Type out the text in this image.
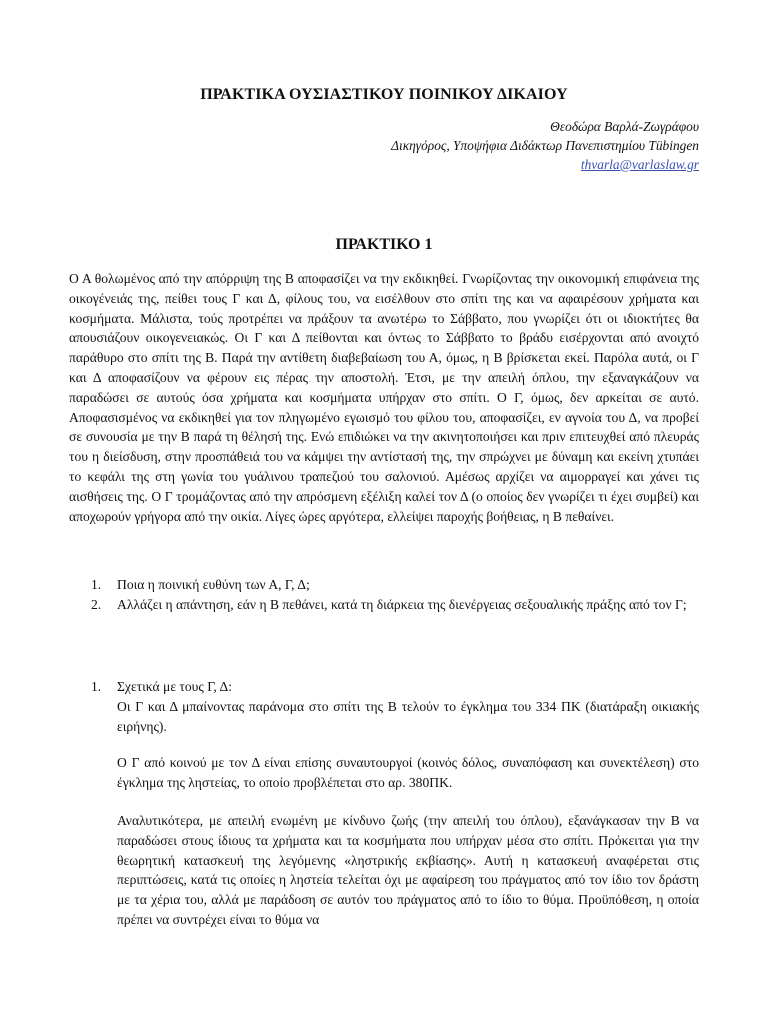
ΠΡΑΚΤΙΚΑ ΟΥΣΙΑΣΤΙΚΟΥ ΠΟΙΝΙΚΟΥ ΔΙΚΑΙΟΥ
Θεοδώρα Βαρλά-Ζωγράφου
Δικηγόρος, Υποψήφια Διδάκτωρ Πανεπιστημίου Tübingen
thvarla@varlaslaw.gr
ΠΡΑΚΤΙΚΟ 1

Ο Α θολωμένος από την απόρριψη της Β αποφασίζει να την εκδικηθεί. Γνωρίζοντας την οικονομική επιφάνεια της οικογένειάς της, πείθει τους Γ και Δ, φίλους του, να εισέλθουν στο σπίτι της και να αφαιρέσουν χρήματα και κοσμήματα. Μάλιστα, τούς προτρέπει να πράξουν τα ανωτέρω το Σάββατο, που γνωρίζει ότι οι ιδιοκτήτες θα απουσιάζουν οικογενειακώς. Οι Γ και Δ πείθονται και όντως το Σάββατο το βράδυ εισέρχονται από ανοιχτό παράθυρο στο σπίτι της Β. Παρά την αντίθετη διαβεβαίωση του Α, όμως, η Β βρίσκεται εκεί. Παρόλα αυτά, οι Γ και Δ αποφασίζουν να φέρουν εις πέρας την αποστολή. Έτσι, με την απειλή όπλου, την εξαναγκάζουν να παραδώσει σε αυτούς όσα χρήματα και κοσμήματα υπήρχαν στο σπίτι. Ο Γ, όμως, δεν αρκείται σε αυτό. Αποφασισμένος να εκδικηθεί για τον πληγωμένο εγωισμό του φίλου του, αποφασίζει, εν αγνοία του Δ, να προβεί σε συνουσία με την Β παρά τη θέλησή της. Ενώ επιδιώκει να την ακινητοποιήσει και πριν επιτευχθεί από πλευράς του η διείσδυση, στην προσπάθειά του να κάμψει την αντίστασή της, την σπρώχνει με δύναμη και εκείνη χτυπάει το κεφάλι της στη γωνία του γυάλινου τραπεζιού του σαλονιού. Αμέσως αρχίζει να αιμορραγεί και χάνει τις αισθήσεις της. Ο Γ τρομάζοντας από την απρόσμενη εξέλιξη καλεί τον Δ (ο οποίος δεν γνωρίζει τι έχει συμβεί) και αποχωρούν γρήγορα από την οικία. Λίγες ώρες αργότερα, ελλείψει παροχής βοήθειας, η Β πεθαίνει.

1. Ποια η ποινική ευθύνη των Α, Γ, Δ;
2. Αλλάζει η απάντηση, εάν η Β πεθάνει, κατά τη διάρκεια της διενέργειας σεξουαλικής πράξης από τον Γ;
1. Σχετικά με τους Γ, Δ:

Οι Γ και Δ μπαίνοντας παράνομα στο σπίτι της Β τελούν το έγκλημα του 334 ΠΚ (διατάραξη οικιακής ειρήνης).

Ο Γ από κοινού με τον Δ είναι επίσης συναυτουργοί (κοινός δόλος, συναπόφαση και συνεκτέλεση) στο έγκλημα της ληστείας, το οποίο προβλέπεται στο αρ. 380ΠΚ.

Αναλυτικότερα, με απειλή ενωμένη με κίνδυνο ζωής (την απειλή του όπλου), εξανάγκασαν την Β να παραδώσει στους ίδιους τα χρήματα και τα κοσμήματα που υπήρχαν μέσα στο σπίτι. Πρόκειται για την θεωρητική κατασκευή της λεγόμενης «ληστρικής εκβίασης». Αυτή η κατασκευή αναφέρεται στις περιπτώσεις, κατά τις οποίες η ληστεία τελείται όχι με αφαίρεση του πράγματος από τον ίδιο τον δράστη με τα χέρια του, αλλά με παράδοση σε αυτόν του πράγματος από το ίδιο το θύμα. Προϋπόθεση, η οποία πρέπει να συντρέχει είναι το θύμα να
